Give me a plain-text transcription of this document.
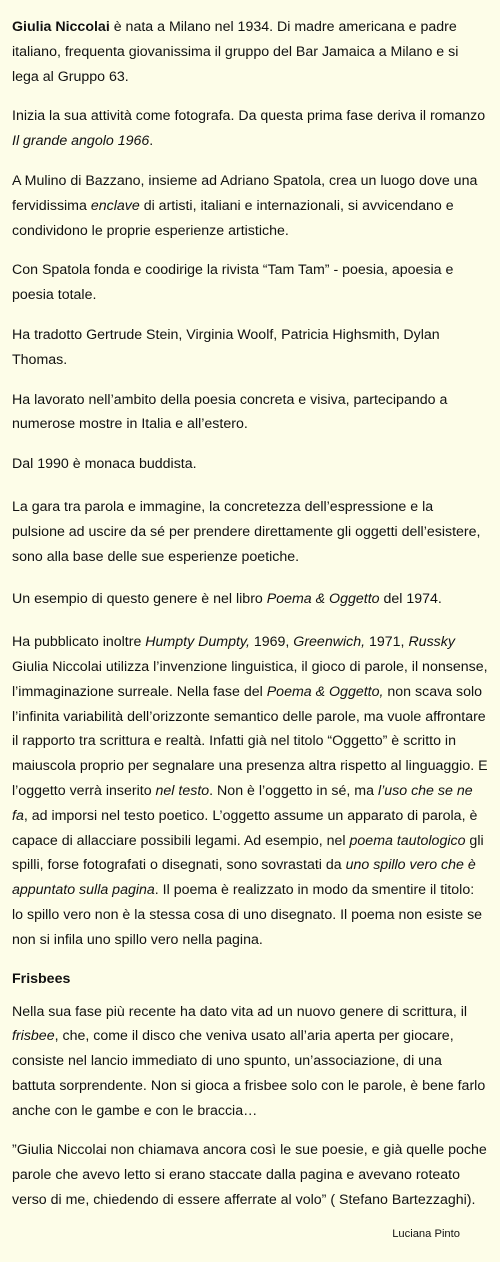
Giulia Niccolai è nata a Milano nel 1934. Di madre americana e padre italiano, frequenta giovanissima il gruppo del Bar Jamaica a Milano e si lega al Gruppo 63.

Inizia la sua attività come fotografa. Da questa prima fase deriva il romanzo Il grande angolo 1966.

A Mulino di Bazzano, insieme ad Adriano Spatola, crea un luogo dove una fervidissima enclave di artisti, italiani e internazionali, si avvicendano e condividono le proprie esperienze artistiche.

Con Spatola fonda e coodirige la rivista “Tam Tam” - poesia, apoesia e poesia totale.

Ha tradotto Gertrude Stein, Virginia Woolf, Patricia Highsmith, Dylan Thomas.

Ha lavorato nell’ambito della poesia concreta e visiva, partecipando a numerose mostre in Italia e all’estero.

Dal 1990 è monaca buddista.

La gara tra parola e immagine, la concretezza dell’espressione e la pulsione ad uscire da sé per prendere direttamente gli oggetti dell’esistere, sono alla base delle sue esperienze poetiche.

Un esempio di questo genere è nel libro Poema & Oggetto del 1974.

Ha pubblicato inoltre Humpty Dumpty, 1969, Greenwich, 1971, Russky Giulia Niccolai utilizza l’invenzione linguistica, il gioco di parole, il nonsense, l’immaginazione surreale. Nella fase del Poema & Oggetto, non scava solo l’infinita variabilità dell’orizzonte semantico delle parole, ma vuole affrontare il rapporto tra scrittura e realtà. Infatti già nel titolo “Oggetto” è scritto in maiuscola proprio per segnalare una presenza altra rispetto al linguaggio. E l’oggetto verrà inserito nel testo. Non è l’oggetto in sé, ma l’uso che se ne fa, ad imporsi nel testo poetico. L’oggetto assume un apparato di parola, è capace di allacciare possibili legami. Ad esempio, nel poema tautologico gli spilli, forse fotografati o disegnati, sono sovrastati da uno spillo vero che è appuntato sulla pagina. Il poema è realizzato in modo da smentire il titolo: lo spillo vero non è la stessa cosa di uno disegnato. Il poema non esiste se non si infila uno spillo vero nella pagina.

Frisbees

Nella sua fase più recente ha dato vita ad un nuovo genere di scrittura, il frisbee, che, come il disco che veniva usato all’aria aperta per giocare, consiste nel lancio immediato di uno spunto, un’associazione, di una battuta sorprendente. Non si gioca a frisbee solo con le parole, è bene farlo anche con le gambe e con le braccia…

”Giulia Niccolai non chiamava ancora così le sue poesie, e già quelle poche parole che avevo letto si erano staccate dalla pagina e avevano roteato verso di me, chiedendo di essere afferrate al volo” ( Stefano Bartezzaghi).

Luciana Pinto
